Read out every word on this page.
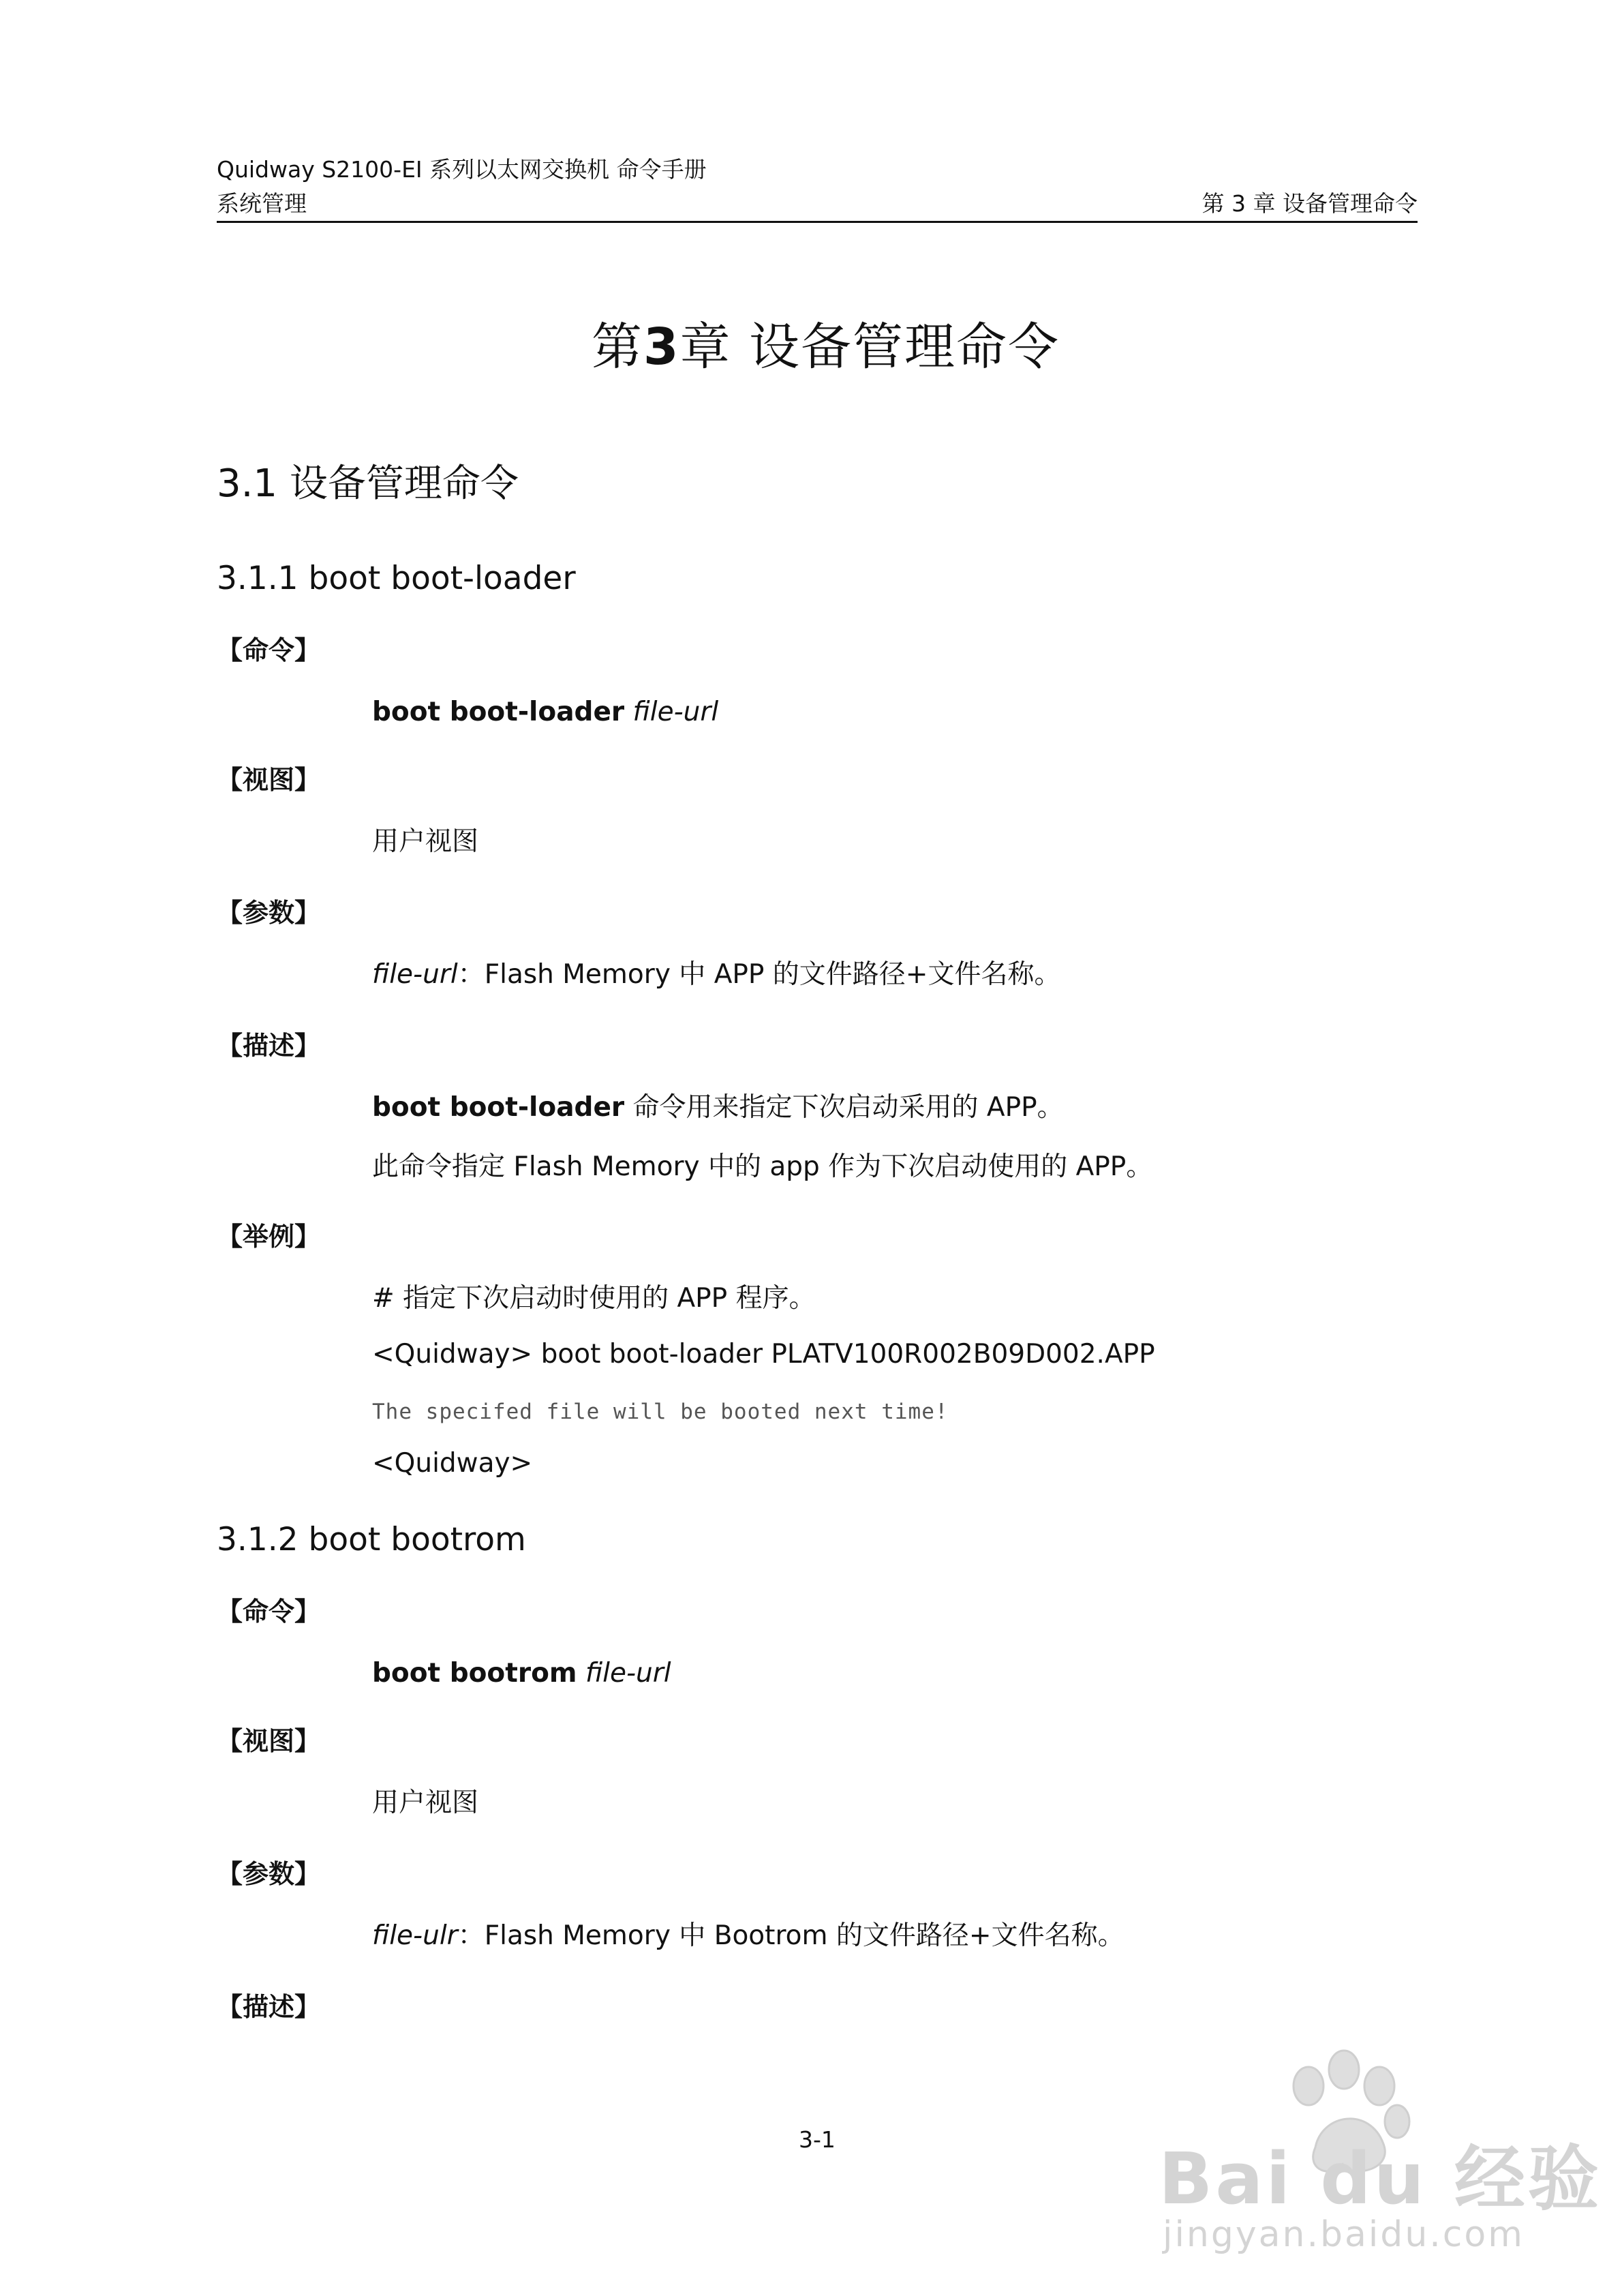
Quidway S2100-EI 系列以太网交换机 命令手册
系统管理	第 3 章 设备管理命令
第3章 设备管理命令
3.1 设备管理命令
3.1.1 boot boot-loader
【命令】
boot boot-loader file-url
【视图】
用户视图
【参数】
file-url：Flash Memory 中 APP 的文件路径+文件名称。
【描述】
boot boot-loader 命令用来指定下次启动采用的 APP。
此命令指定 Flash Memory 中的 app 作为下次启动使用的 APP。
【举例】
# 指定下次启动时使用的 APP 程序。
<Quidway> boot boot-loader PLATV100R002B09D002.APP
The specifed file will be booted next time!
<Quidway>
3.1.2 boot bootrom
【命令】
boot bootrom file-url
【视图】
用户视图
【参数】
file-ulr：Flash Memory 中 Bootrom 的文件路径+文件名称。
【描述】
3-1	Bai du 经验
jingyan.baidu.com
